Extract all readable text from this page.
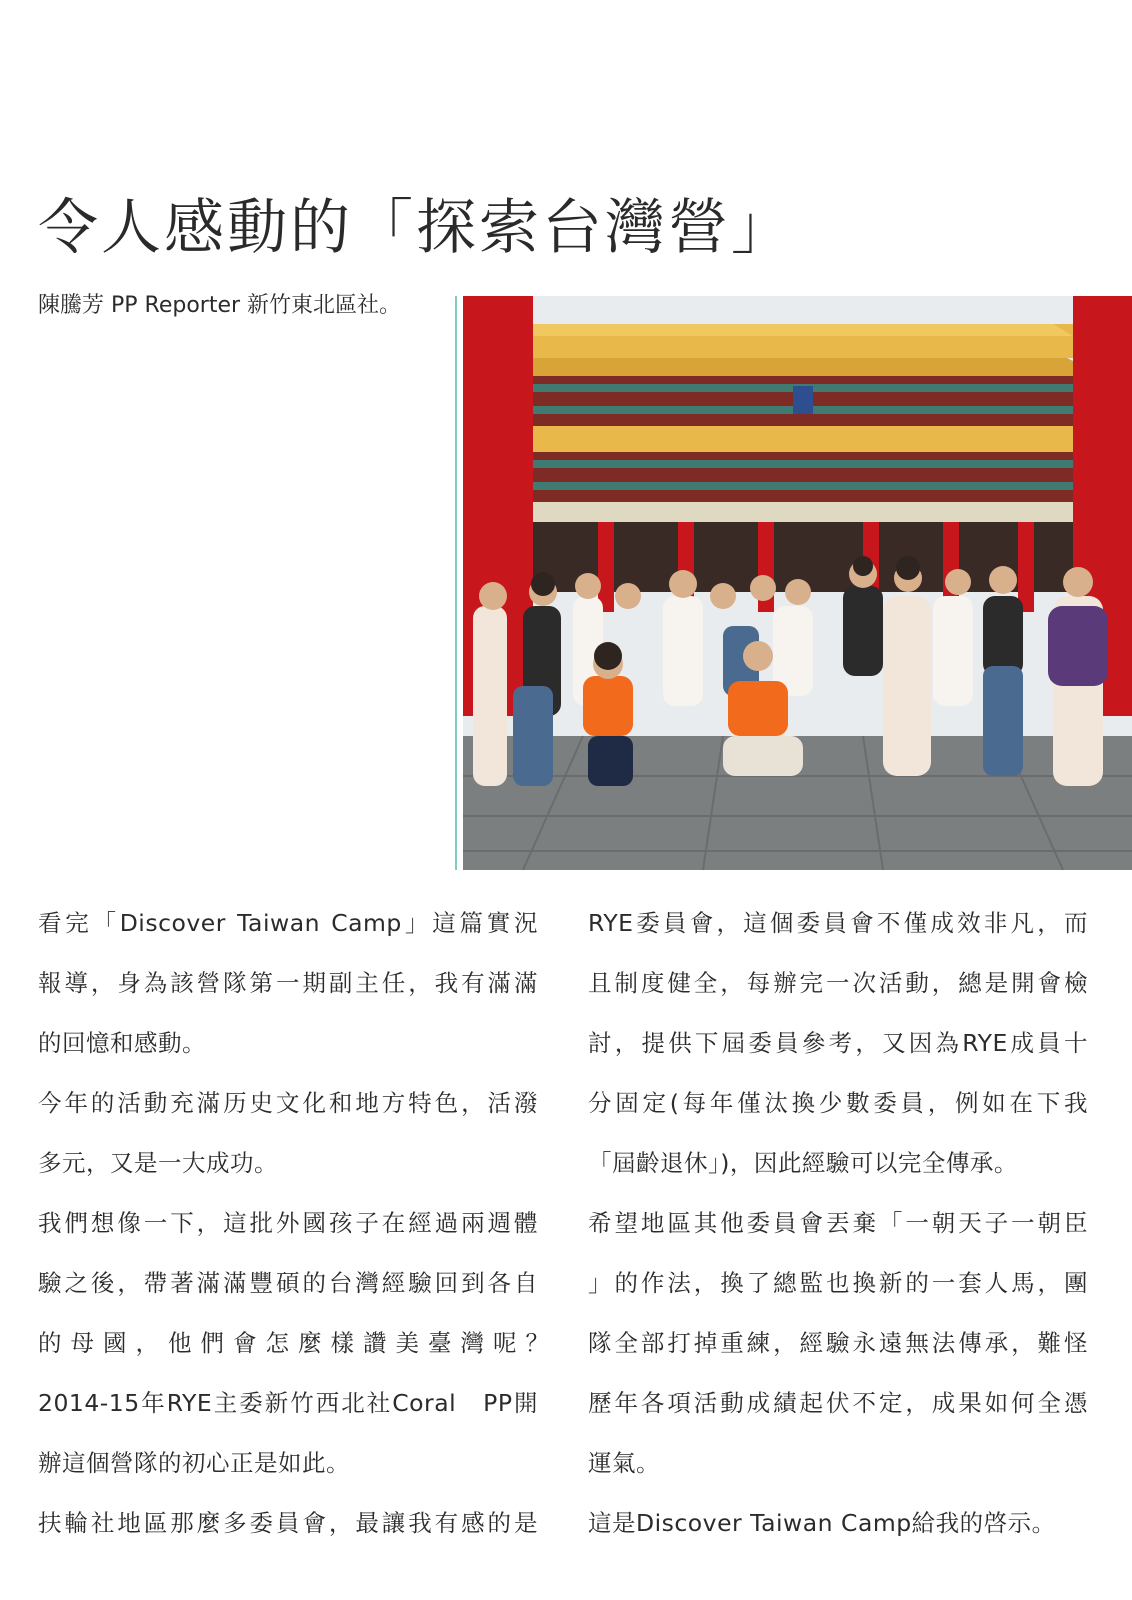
令人感動的「探索台灣營」

陳騰芳 PP Reporter 新竹東北區社。

看完「Discover Taiwan Camp」這篇實況
報導，身為該營隊第一期副主任，我有滿滿
的回憶和感動。
今年的活動充滿历史文化和地方特色，活潑
多元，又是一大成功。
我們想像一下，這批外國孩子在經過兩週體
驗之後，帶著滿滿豐碩的台灣經驗回到各自
的母國，他們會怎麼樣讚美臺灣呢？
2014-15年RYE主委新竹西北社Coral　PP開
辦這個營隊的初心正是如此。
扶輪社地區那麼多委員會，最讓我有感的是
RYE委員會，這個委員會不僅成效非凡，而
且制度健全，每辦完一次活動，總是開會檢
討，提供下屆委員參考，又因為RYE成員十
分固定(每年僅汰換少數委員，例如在下我
「屆齡退休」)，因此經驗可以完全傳承。
希望地區其他委員會丟棄「一朝天子一朝臣
」的作法，換了總監也換新的一套人馬，團
隊全部打掉重練，經驗永遠無法傳承，難怪
歷年各項活動成績起伏不定，成果如何全憑
運氣。
這是Discover Taiwan Camp給我的啓示。
